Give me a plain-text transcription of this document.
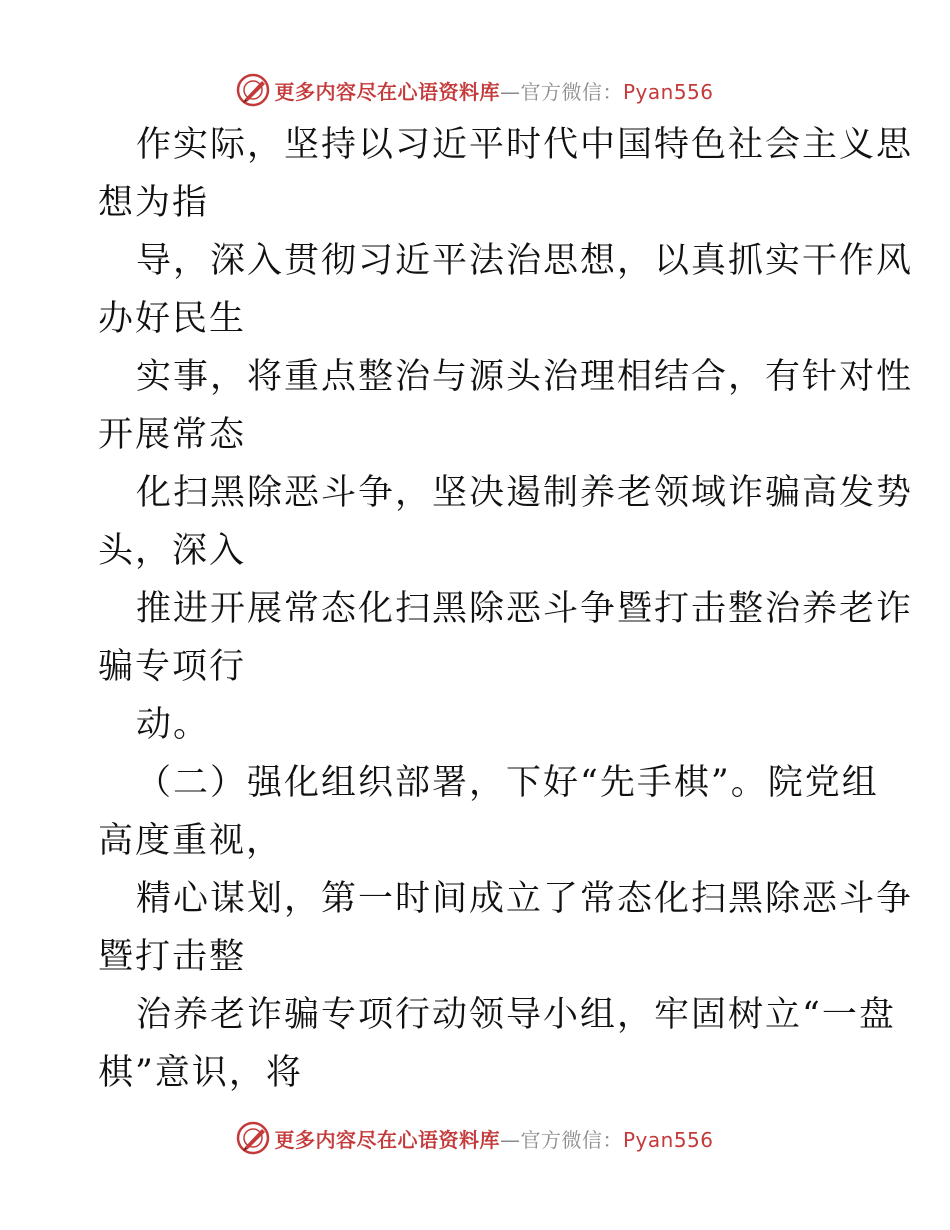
更多内容尽在心语资料库—官方微信：Pyan556
作实际，坚持以习近平时代中国特色社会主义思
想为指
导，深入贯彻习近平法治思想，以真抓实干作风
办好民生
实事，将重点整治与源头治理相结合，有针对性
开展常态
化扫黑除恶斗争，坚决遏制养老领域诈骗高发势
头，深入
推进开展常态化扫黑除恶斗争暨打击整治养老诈
骗专项行
动。
（二）强化组织部署，下好“先手棋”。院党组
高度重视，
精心谋划，第一时间成立了常态化扫黑除恶斗争
暨打击整
治养老诈骗专项行动领导小组，牢固树立“一盘
棋”意识，将
更多内容尽在心语资料库—官方微信：Pyan556
